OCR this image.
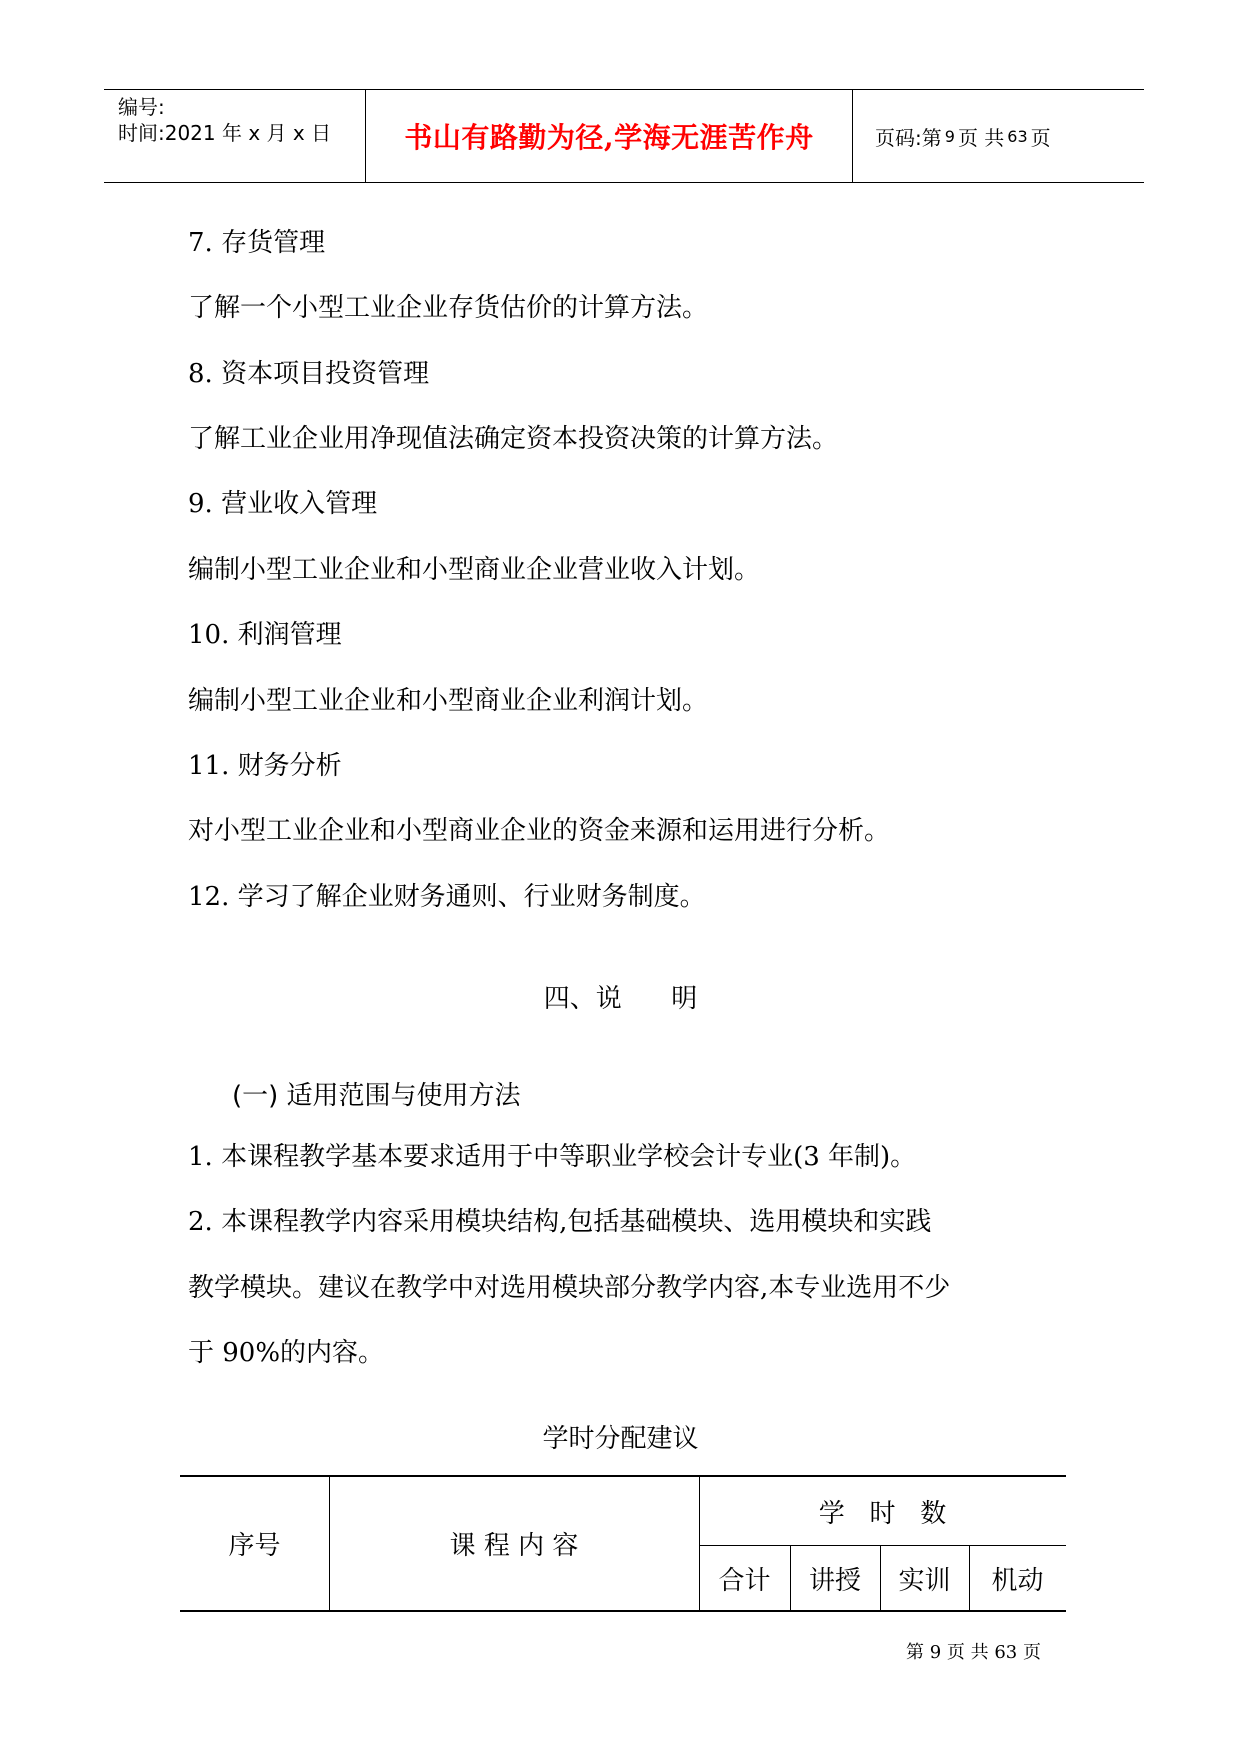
编号:
时间:2021 年 x 月 x 日	书山有路勤为径,学海无涯苦作舟	页码:第 9 页 共 63 页
7. 存货管理
了解一个小型工业企业存货估价的计算方法。
8. 资本项目投资管理
了解工业企业用净现值法确定资本投资决策的计算方法。
9. 营业收入管理
编制小型工业企业和小型商业企业营业收入计划。
10. 利润管理
编制小型工业企业和小型商业企业利润计划。
11. 财务分析
对小型工业企业和小型商业企业的资金来源和运用进行分析。
12. 学习了解企业财务通则、行业财务制度。
四、说      明
(一) 适用范围与使用方法
1. 本课程教学基本要求适用于中等职业学校会计专业(3 年制)。
2. 本课程教学内容采用模块结构,包括基础模块、选用模块和实践
教学模块。建议在教学中对选用模块部分教学内容,本专业选用不少
于 90%的内容。
学时分配建议
序号	课 程 内 容
学   时   数
合计	讲授	实训	机动
第 9 页 共 63 页
